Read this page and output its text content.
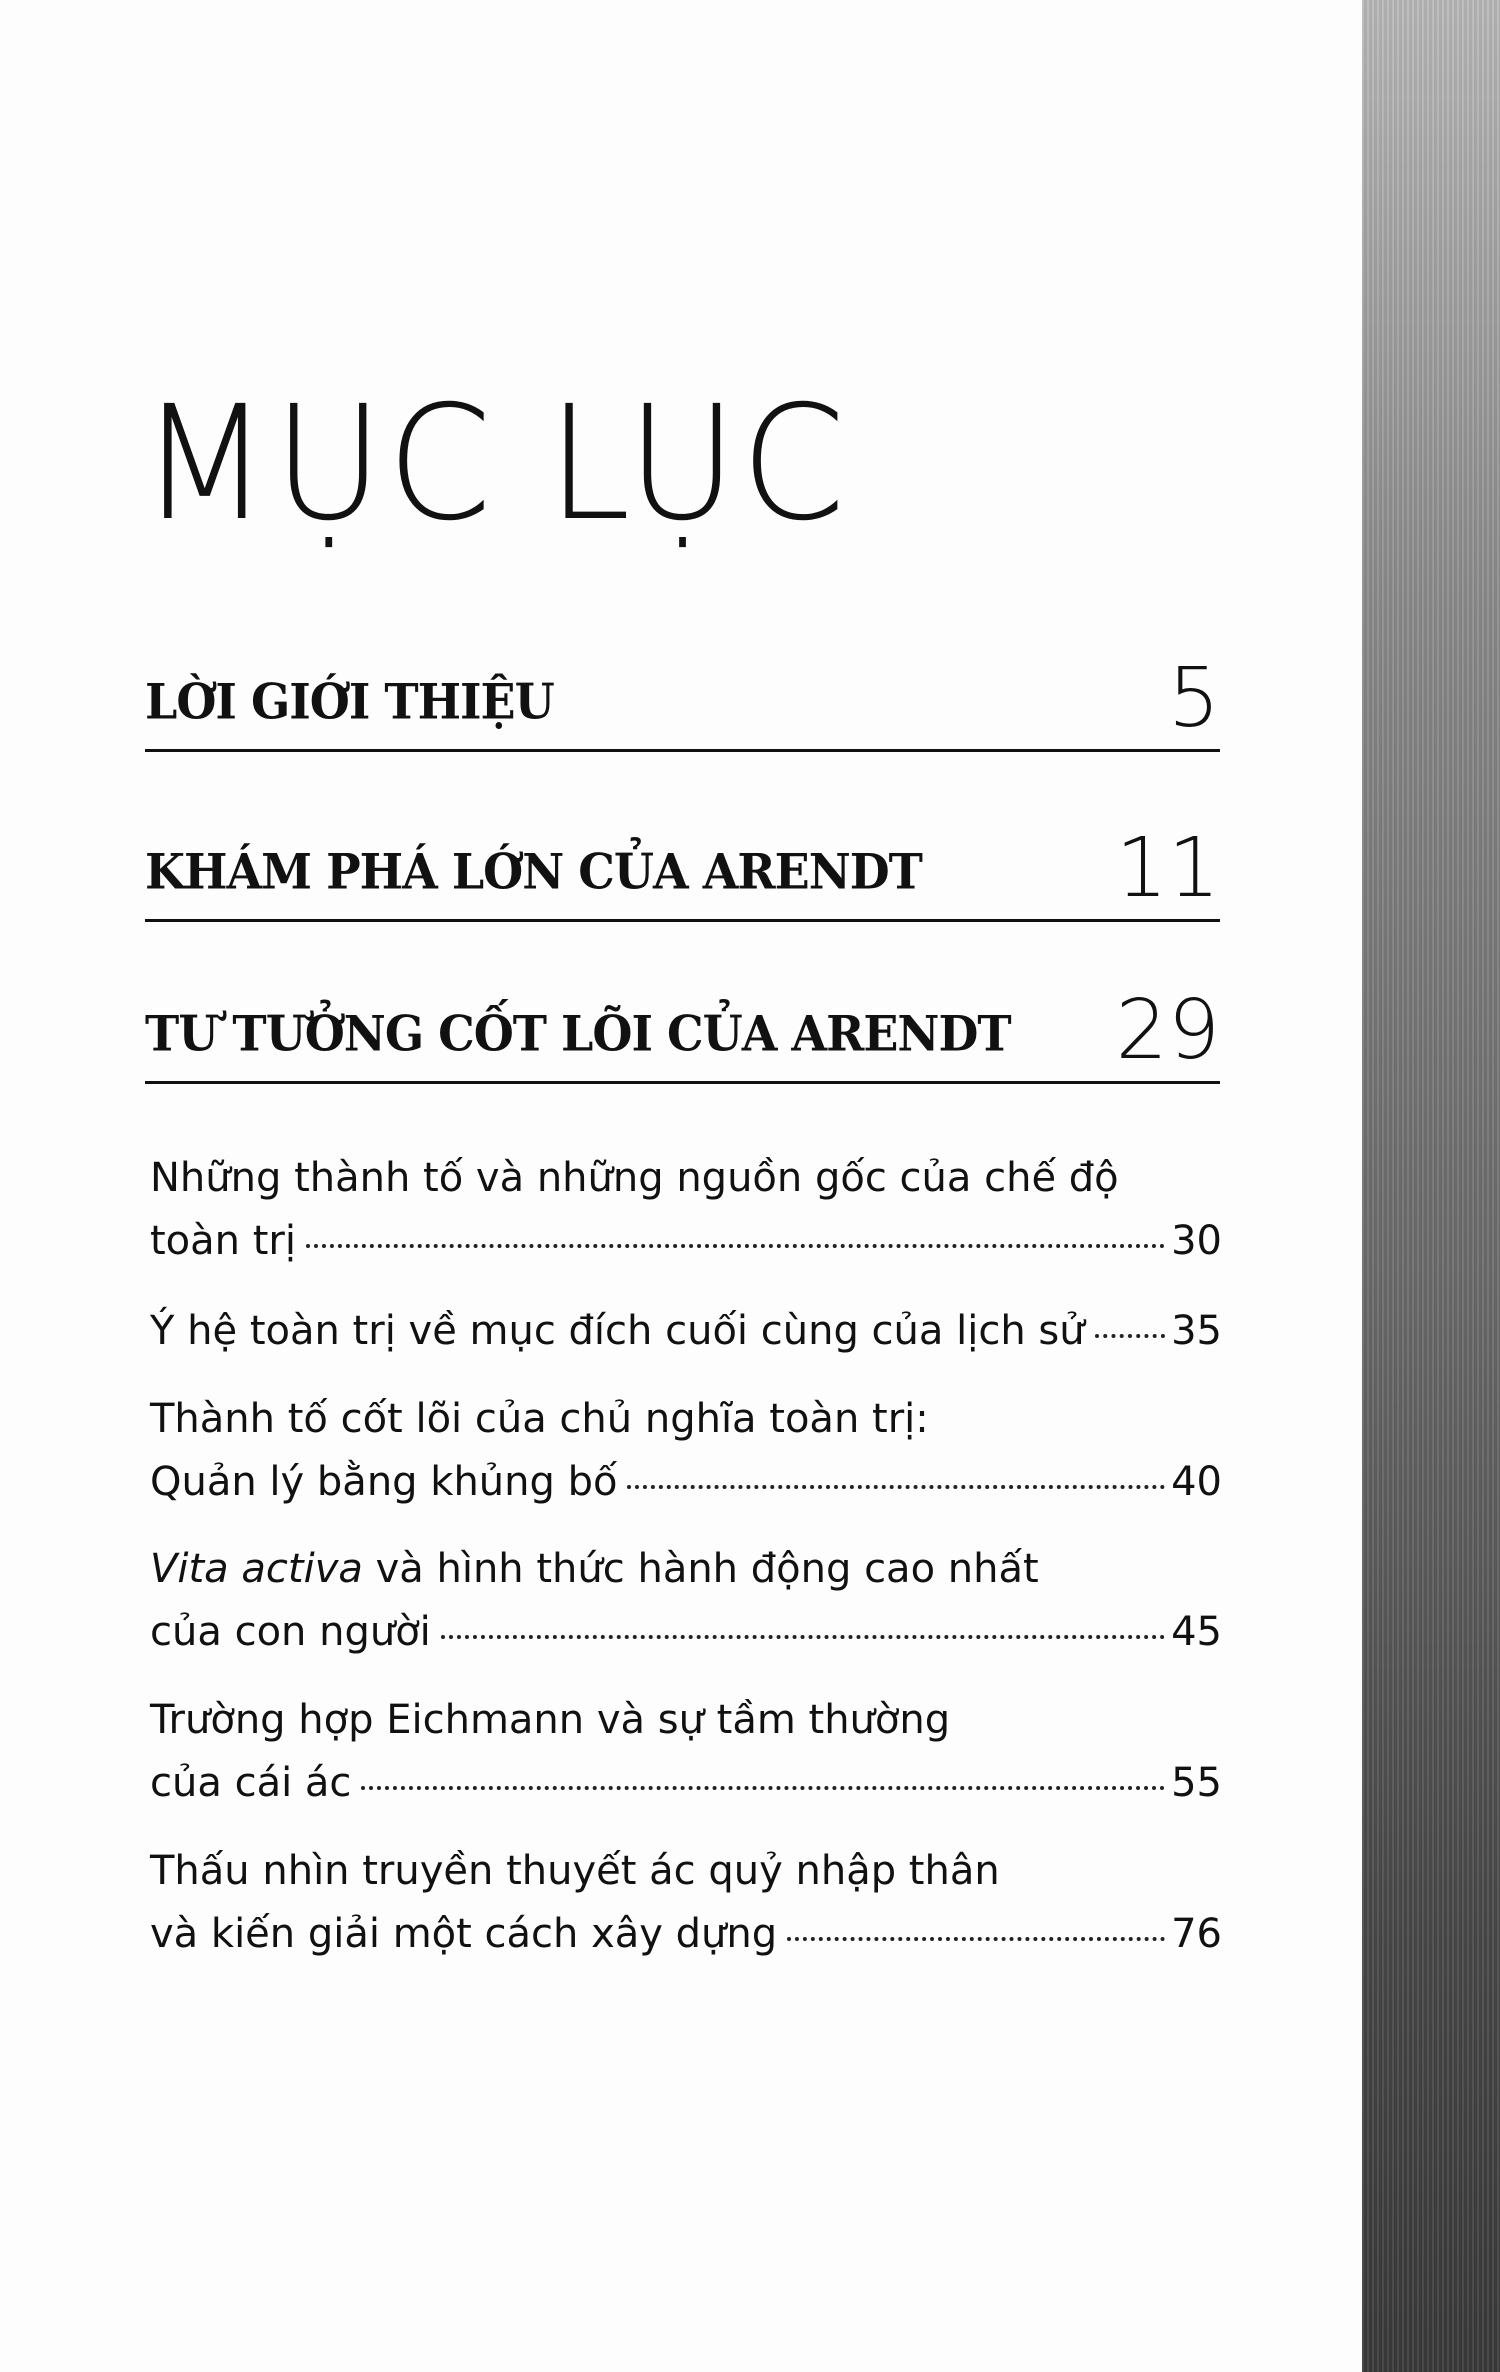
MỤC LỤC
LỜI GIỚI THIỆU	5
KHÁM PHÁ LỚN CỦA ARENDT 11
TƯ TƯỞNG CỐT LÕI CỦA ARENDT 29
Những thành tố và những nguồn gốc của chế độ
toàn trị	30
Ý hệ toàn trị về mục đích cuối cùng của lịch sử 35
Thành tố cốt lõi của chủ nghĩa toàn trị:
Quản lý bằng khủng bố	40
Vita activa và hình thức hành động cao nhất
của con người	45
Trường hợp Eichmann và sự tầm thường
của cái ác	55
Thấu nhìn truyền thuyết ác quỷ nhập thân
và kiến giải một cách xây dựng	76
